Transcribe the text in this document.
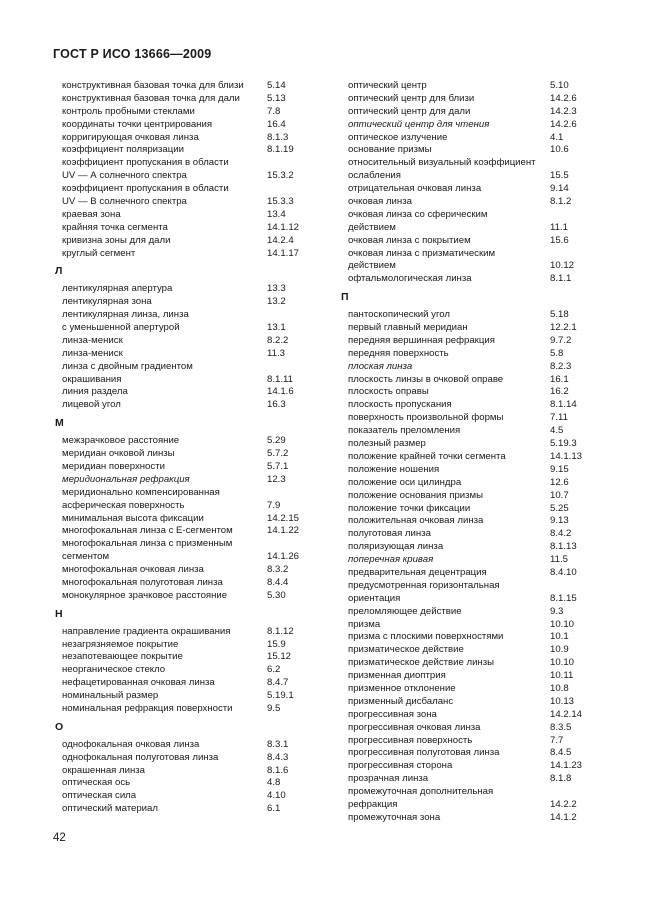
ГОСТ Р ИСО 13666—2009
конструктивная базовая точка для близи 5.14
конструктивная базовая точка для дали	5.13
контроль пробными стеклами	7.8
координаты точки центрирования	16.4
корригирующая очковая линза	8.1.3
коэффициент поляризации	8.1.19
коэффициент пропускания в области
UV — А солнечного спектра	15.3.2
коэффициент пропускания в области
UV — В солнечного спектра	15.3.3
краевая зона	13.4
крайняя точка сегмента	14.1.12
кривизна зоны для дали	14.2.4
круглый сегмент	14.1.17
Л
лентикулярная апертура	13.3
лентикулярная зона	13.2
лентикулярная линза, линза
с уменьшенной апертурой	13.1
линза-мениск	8.2.2
линза-мениск	11.3
линза с двойным градиентом
окрашивания	8.1.11
линия раздела	14.1.6
лицевой угол	16.3
М
межзрачковое расстояние	5.29
меридиан очковой линзы	5.7.2
меридиан поверхности	5.7.1
меридиональная рефракция	12.3
меридионально компенсированная
асферическая поверхность	7.9
минимальная высота фиксации	14.2.15
многофокальная линза с E-сегментом	14.1.22
многофокальная линза с призменным
сегментом	14.1.26
многофокальная очковая линза	8.3.2
многофокальная полуготовая линза	8.4.4
монокулярное зрачковое расстояние	5.30
Н
направление градиента окрашивания	8.1.12
незагрязняемое покрытие	15.9
незапотевающее покрытие	15.12
неорганическое стекло	6.2
нефацетированная очковая линза	8.4.7
номинальный размер	5.19.1
номинальная рефракция поверхности	9.5
О
однофокальная очковая линза	8.3.1
однофокальная полуготовая линза	8.4.3
окрашенная линза	8.1.6
оптическая ось	4.8
оптическая сила	4.10
оптический материал	6.1
оптический центр	5.10
оптический центр для близи	14.2.6
оптический центр для дали	14.2.3
оптический центр для чтения	14.2.6
оптическое излучение	4.1
основание призмы	10.6
относительный визуальный коэффициент
ослабления	15.5
отрицательная очковая линза	9.14
очковая линза	8.1.2
очковая линза со сферическим
действием	11.1
очковая линза с покрытием	15.6
очковая линза с призматическим
действием	10.12
офтальмологическая линза	8.1.1
П
пантоскопический угол	5.18
первый главный меридиан	12.2.1
передняя вершинная рефракция	9.7.2
передняя поверхность	5.8
плоская линза	8.2.3
плоскость линзы в очковой оправе	16.1
плоскость оправы	16.2
плоскость пропускания	8.1.14
поверхность произвольной формы	7.11
показатель преломления	4.5
полезный размер	5.19.3
положение крайней точки сегмента	14.1.13
положение ношения	9.15
положение оси цилиндра	12.6
положение основания призмы	10.7
положение точки фиксации	5.25
положительная очковая линза	9.13
полуготовая линза	8.4.2
поляризующая линза	8.1.13
поперечная кривая	11.5
предварительная децентрация	8.4.10
предусмотренная горизонтальная
ориентация	8.1.15
преломляющее действие	9.3
призма	10.10
призма с плоскими поверхностями	10.1
призматическое действие	10.9
призматическое действие линзы	10.10
призменная диоптрия	10.11
призменное отклонение	10.8
призменный дисбаланс	10.13
прогрессивная зона	14.2.14
прогрессивная очковая линза	8.3.5
прогрессивная поверхность	7.7
прогрессивная полуготовая линза	8.4.5
прогрессивная сторона	14.1.23
прозрачная линза	8.1.8
промежуточная дополнительная
рефракция	14.2.2
промежуточная зона	14.1.2
42
